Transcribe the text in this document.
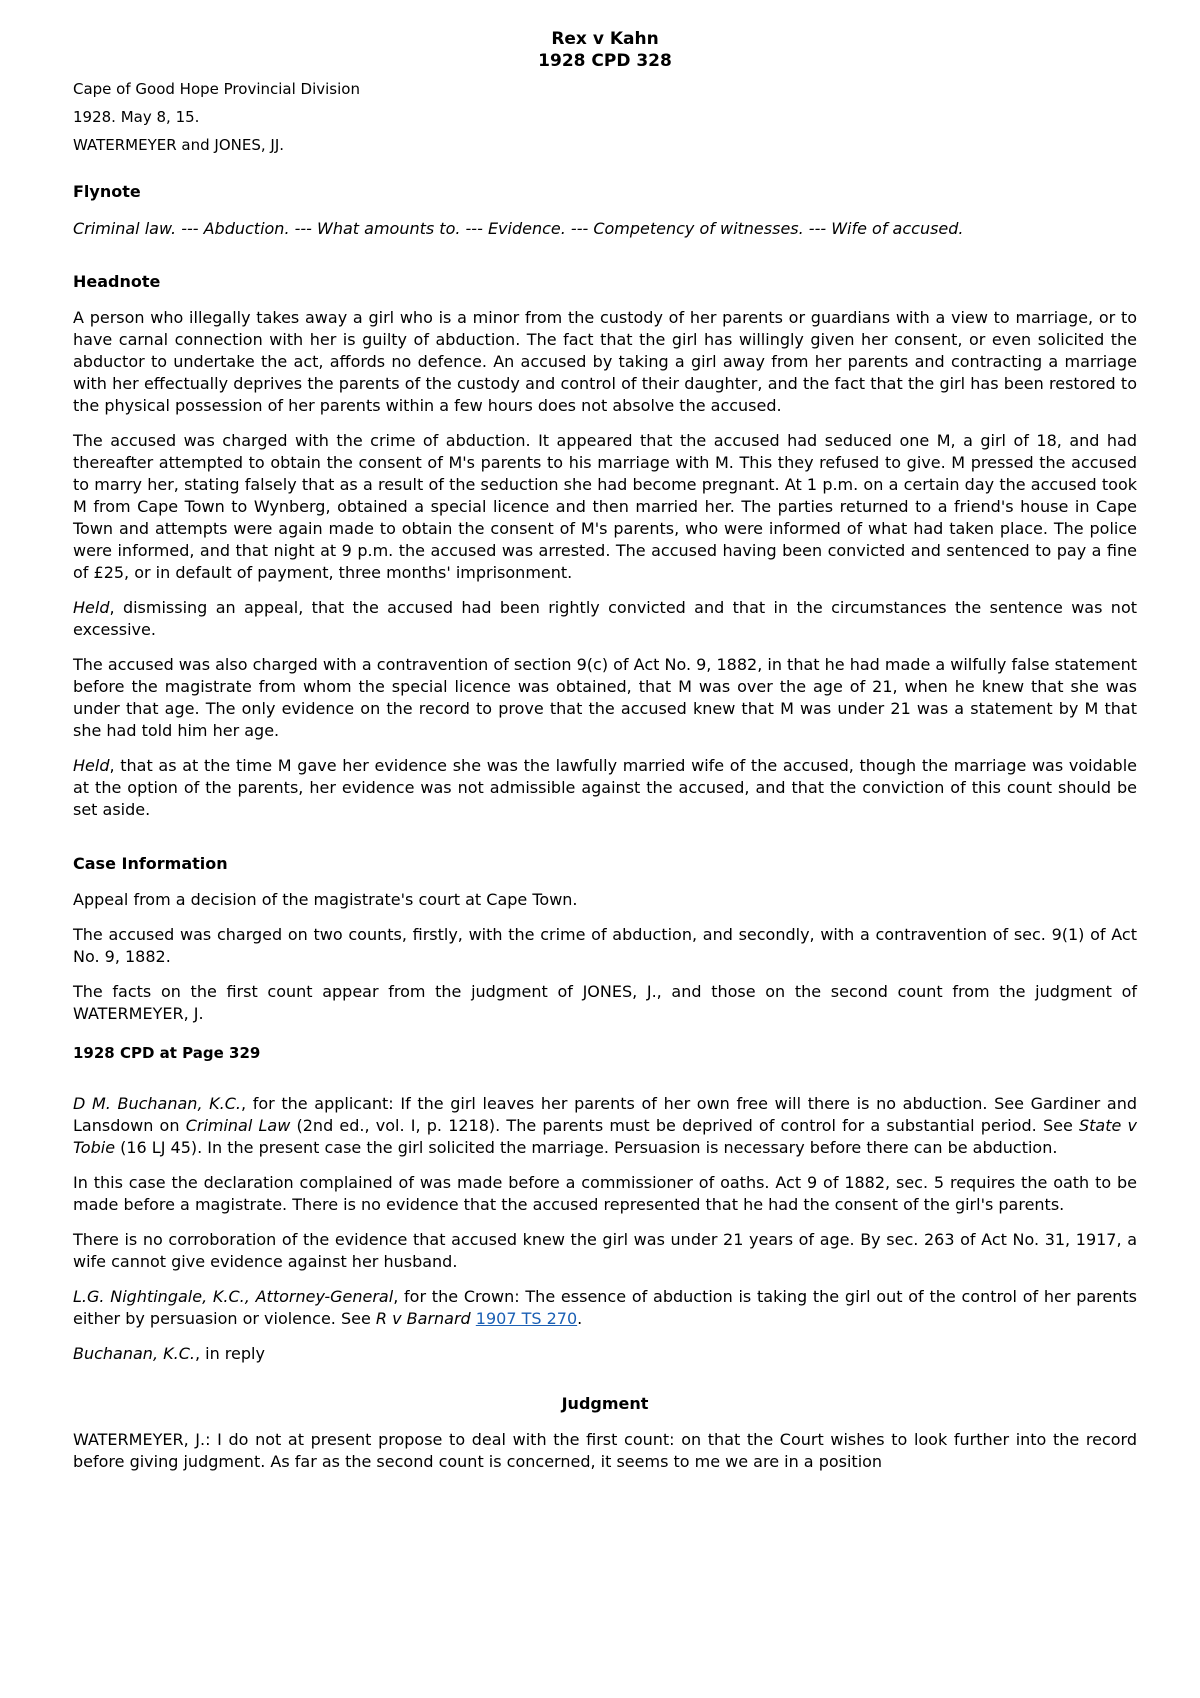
Rex v Kahn
1928 CPD 328

Cape of Good Hope Provincial Division

1928. May 8, 15.

WATERMEYER and JONES, JJ.

Flynote

Criminal law. --- Abduction. --- What amounts to. --- Evidence. --- Competency of witnesses. --- Wife of accused.

Headnote

A person who illegally takes away a girl who is a minor from the custody of her parents or guardians with a view to marriage, or to have carnal connection with her is guilty of abduction. The fact that the girl has willingly given her consent, or even solicited the abductor to undertake the act, affords no defence. An accused by taking a girl away from her parents and contracting a marriage with her effectually deprives the parents of the custody and control of their daughter, and the fact that the girl has been restored to the physical possession of her parents within a few hours does not absolve the accused.

The accused was charged with the crime of abduction. It appeared that the accused had seduced one M, a girl of 18, and had thereafter attempted to obtain the consent of M's parents to his marriage with M. This they refused to give. M pressed the accused to marry her, stating falsely that as a result of the seduction she had become pregnant. At 1 p.m. on a certain day the accused took M from Cape Town to Wynberg, obtained a special licence and then married her. The parties returned to a friend's house in Cape Town and attempts were again made to obtain the consent of M's parents, who were informed of what had taken place. The police were informed, and that night at 9 p.m. the accused was arrested. The accused having been convicted and sentenced to pay a fine of £25, or in default of payment, three months' imprisonment.

Held, dismissing an appeal, that the accused had been rightly convicted and that in the circumstances the sentence was not excessive.

The accused was also charged with a contravention of section 9(c) of Act No. 9, 1882, in that he had made a wilfully false statement before the magistrate from whom the special licence was obtained, that M was over the age of 21, when he knew that she was under that age. The only evidence on the record to prove that the accused knew that M was under 21 was a statement by M that she had told him her age.

Held, that as at the time M gave her evidence she was the lawfully married wife of the accused, though the marriage was voidable at the option of the parents, her evidence was not admissible against the accused, and that the conviction of this count should be set aside.

Case Information

Appeal from a decision of the magistrate's court at Cape Town.

The accused was charged on two counts, firstly, with the crime of abduction, and secondly, with a contravention of sec. 9(1) of Act No. 9, 1882.

The facts on the first count appear from the judgment of JONES, J., and those on the second count from the judgment of WATERMEYER, J.

1928 CPD at Page 329

D M. Buchanan, K.C., for the applicant: If the girl leaves her parents of her own free will there is no abduction. See Gardiner and Lansdown on Criminal Law (2nd ed., vol. I, p. 1218). The parents must be deprived of control for a substantial period. See State v Tobie (16 LJ 45). In the present case the girl solicited the marriage. Persuasion is necessary before there can be abduction.

In this case the declaration complained of was made before a commissioner of oaths. Act 9 of 1882, sec. 5 requires the oath to be made before a magistrate. There is no evidence that the accused represented that he had the consent of the girl's parents.

There is no corroboration of the evidence that accused knew the girl was under 21 years of age. By sec. 263 of Act No. 31, 1917, a wife cannot give evidence against her husband.

L.G. Nightingale, K.C., Attorney-General, for the Crown: The essence of abduction is taking the girl out of the control of her parents either by persuasion or violence. See R v Barnard 1907 TS 270.

Buchanan, K.C., in reply

Judgment

WATERMEYER, J.: I do not at present propose to deal with the first count: on that the Court wishes to look further into the record before giving judgment. As far as the second count is concerned, it seems to me we are in a position
